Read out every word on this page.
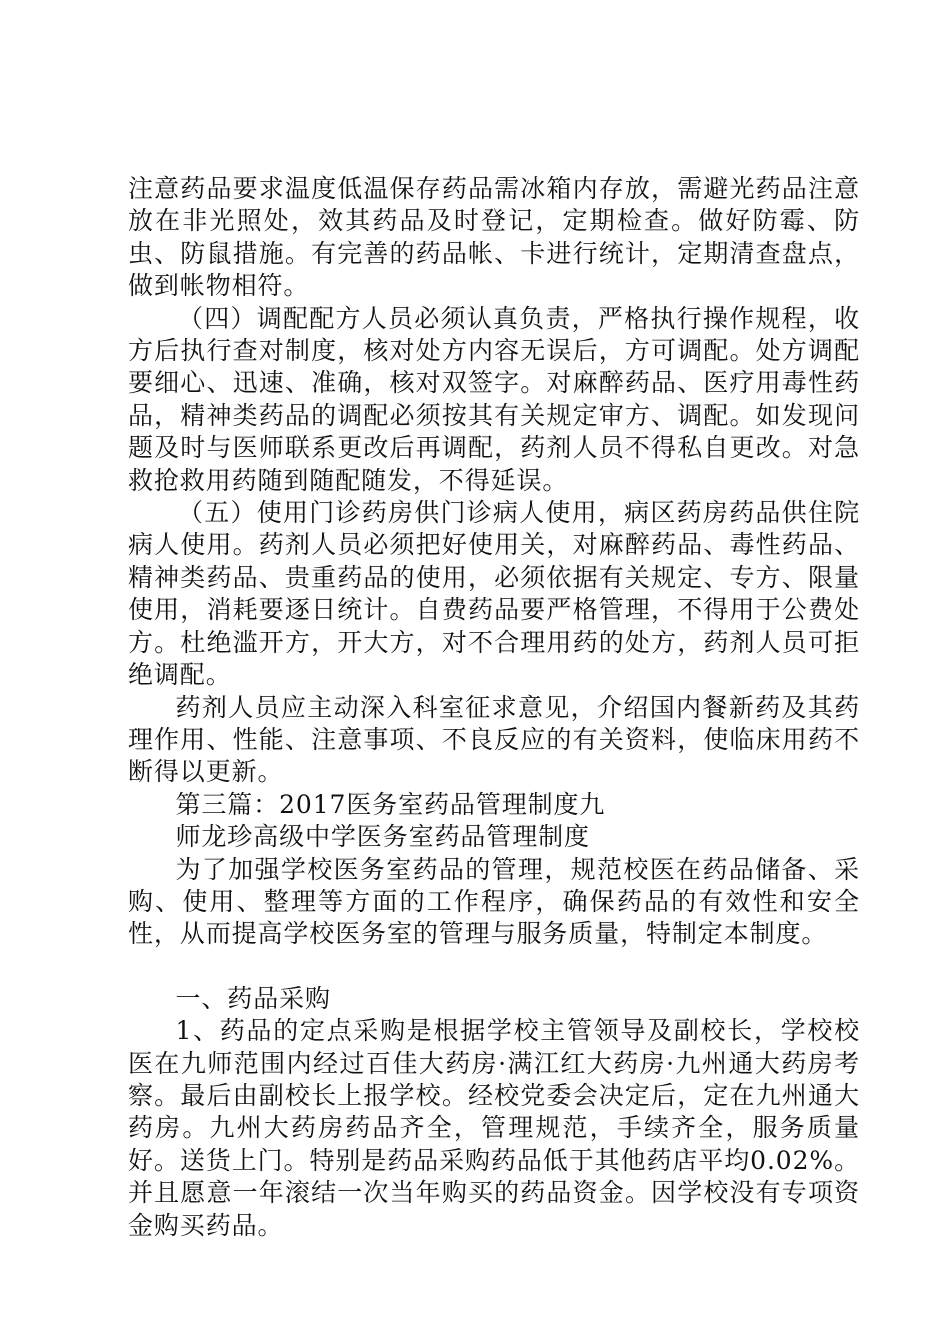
注意药品要求温度低温保存药品需冰箱内存放，需避光药品注意放在非光照处，效其药品及时登记，定期检查。做好防霉、防虫、防鼠措施。有完善的药品帐、卡进行统计，定期清查盘点，做到帐物相符。

（四）调配配方人员必须认真负责，严格执行操作规程，收方后执行查对制度，核对处方内容无误后，方可调配。处方调配要细心、迅速、准确，核对双签字。对麻醉药品、医疗用毒性药品，精神类药品的调配必须按其有关规定审方、调配。如发现问题及时与医师联系更改后再调配，药剂人员不得私自更改。对急救抢救用药随到随配随发，不得延误。

（五）使用门诊药房供门诊病人使用，病区药房药品供住院病人使用。药剂人员必须把好使用关，对麻醉药品、毒性药品、精神类药品、贵重药品的使用，必须依据有关规定、专方、限量使用，消耗要逐日统计。自费药品要严格管理，不得用于公费处方。杜绝滥开方，开大方，对不合理用药的处方，药剂人员可拒绝调配。

药剂人员应主动深入科室征求意见，介绍国内餐新药及其药理作用、性能、注意事项、不良反应的有关资料，使临床用药不断得以更新。

第三篇：2017医务室药品管理制度九

师龙珍高级中学医务室药品管理制度

为了加强学校医务室药品的管理，规范校医在药品储备、采购、使用、整理等方面的工作程序，确保药品的有效性和安全性，从而提高学校医务室的管理与服务质量，特制定本制度。

一、药品采购

1、药品的定点采购是根据学校主管领导及副校长，学校校医在九师范围内经过百佳大药房·满江红大药房·九州通大药房考察。最后由副校长上报学校。经校党委会决定后，定在九州通大药房。九州大药房药品齐全，管理规范，手续齐全，服务质量好。送货上门。特别是药品采购药品低于其他药店平均0.02%。并且愿意一年滚结一次当年购买的药品资金。因学校没有专项资金购买药品。
